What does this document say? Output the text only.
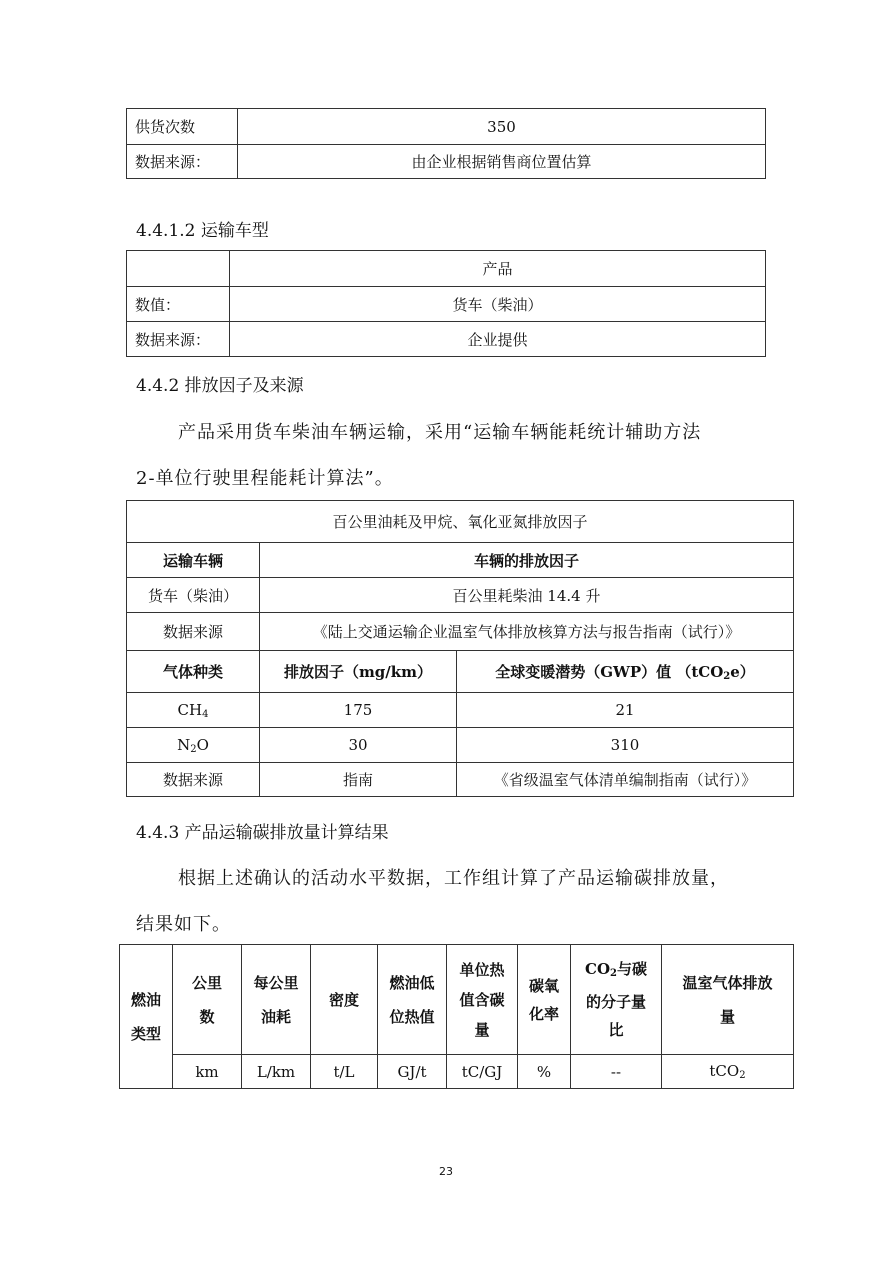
供货次数	350
数据来源：	由企业根据销售商位置估算
4.4.1.2 运输车型
	产品
数值：	货车（柴油）
数据来源：	企业提供
4.4.2 排放因子及来源
产品采用货车柴油车辆运输，采用“运输车辆能耗统计辅助方法
2-单位行驶里程能耗计算法”。
百公里油耗及甲烷、氧化亚氮排放因子		
运输车辆	车辆的排放因子	
货车（柴油）	百公里耗柴油 14.4 升	
数据来源	《陆上交通运输企业温室气体排放核算方法与报告指南（试行）》	
气体种类	排放因子（mg/km）	全球变暖潜势（GWP）值 （tCO$_2$e）
$CH_4$	175	21
$N_2O$	30	310
数据来源	指南	《省级温室气体清单编制指南（试行）》
4.4.3 产品运输碳排放量计算结果
根据上述确认的活动水平数据，工作组计算了产品运输碳排放量，
结果如下。
燃油类型	公里数	每公里油耗	密度	燃油低位热值	单位热值含碳量	碳氧化率	$CO_2$与碳的分子量比	温室气体排放量
	km	L/km	t/L	GJ/t	tC/GJ	%	--	tCO$_2$
23
